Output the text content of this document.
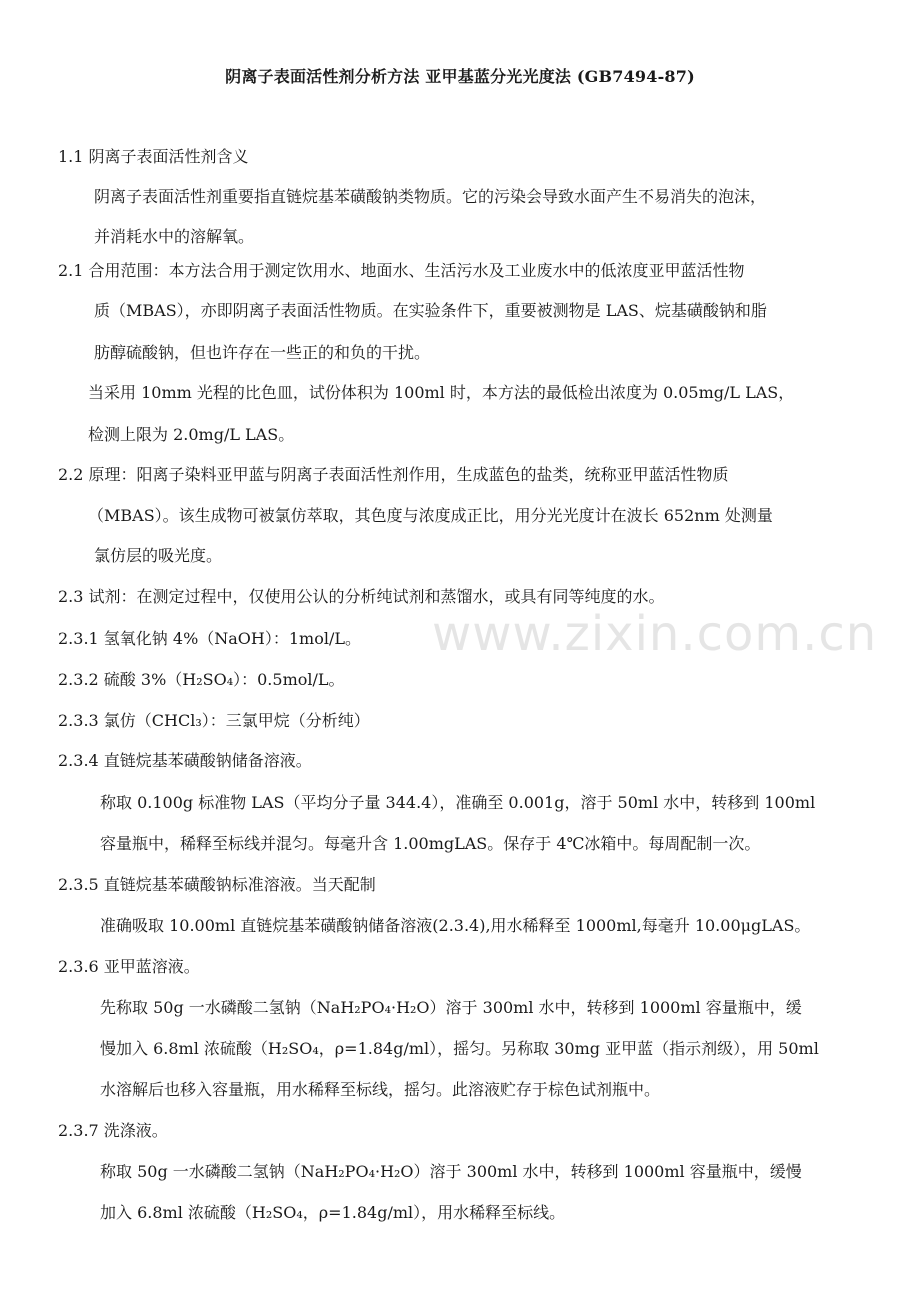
阴离子表面活性剂分析方法 亚甲基蓝分光光度法 (GB7494-87)
1.1 阴离子表面活性剂含义
阴离子表面活性剂重要指直链烷基苯磺酸钠类物质。它的污染会导致水面产生不易消失的泡沫，
并消耗水中的溶解氧。
2.1 合用范围：本方法合用于测定饮用水、地面水、生活污水及工业废水中的低浓度亚甲蓝活性物
质（MBAS），亦即阴离子表面活性物质。在实验条件下，重要被测物是 LAS、烷基磺酸钠和脂
肪醇硫酸钠，但也许存在一些正的和负的干扰。
当采用 10mm 光程的比色皿，试份体积为 100ml 时，本方法的最低检出浓度为 0.05mg/L LAS，
检测上限为 2.0mg/L LAS。
2.2 原理：阳离子染料亚甲蓝与阴离子表面活性剂作用，生成蓝色的盐类，统称亚甲蓝活性物质
（MBAS）。该生成物可被氯仿萃取，其色度与浓度成正比，用分光光度计在波长 652nm 处测量
氯仿层的吸光度。
2.3 试剂：在测定过程中，仅使用公认的分析纯试剂和蒸馏水，或具有同等纯度的水。
2.3.1 氢氧化钠 4%（NaOH）：1mol/L。
2.3.2 硫酸 3%（H₂SO₄）：0.5mol/L。
2.3.3 氯仿（CHCl₃）：三氯甲烷（分析纯）
2.3.4 直链烷基苯磺酸钠储备溶液。
称取 0.100g 标准物 LAS（平均分子量 344.4），准确至 0.001g，溶于 50ml 水中，转移到 100ml
容量瓶中，稀释至标线并混匀。每毫升含 1.00mgLAS。保存于 4℃冰箱中。每周配制一次。
2.3.5 直链烷基苯磺酸钠标准溶液。当天配制
准确吸取 10.00ml 直链烷基苯磺酸钠储备溶液(2.3.4),用水稀释至 1000ml,每毫升 10.00μgLAS。
2.3.6 亚甲蓝溶液。
先称取 50g 一水磷酸二氢钠（NaH₂PO₄·H₂O）溶于 300ml 水中，转移到 1000ml 容量瓶中，缓
慢加入 6.8ml 浓硫酸（H₂SO₄，ρ=1.84g/ml），摇匀。另称取 30mg 亚甲蓝（指示剂级），用 50ml
水溶解后也移入容量瓶，用水稀释至标线，摇匀。此溶液贮存于棕色试剂瓶中。
2.3.7 洗涤液。
称取 50g 一水磷酸二氢钠（NaH₂PO₄·H₂O）溶于 300ml 水中，转移到 1000ml 容量瓶中，缓慢
加入 6.8ml 浓硫酸（H₂SO₄，ρ=1.84g/ml），用水稀释至标线。
www.zixin.com.cn
